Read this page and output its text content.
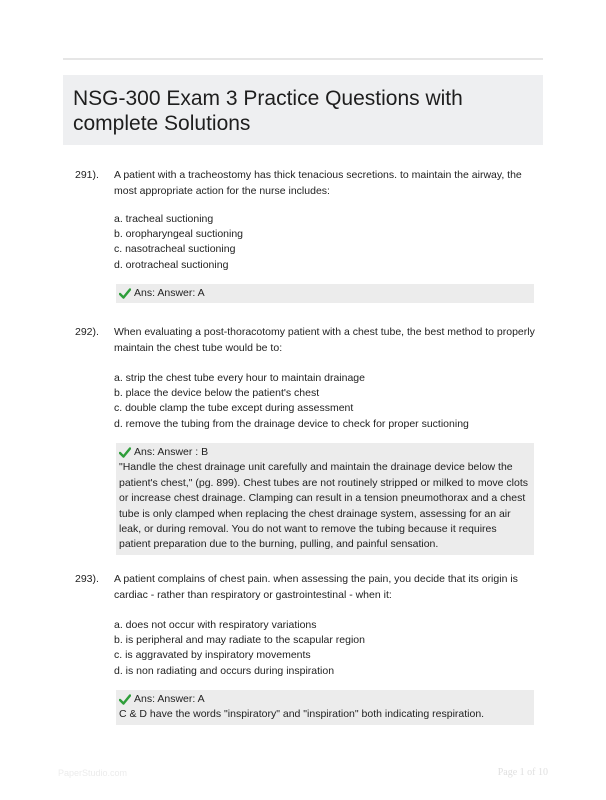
NSG-300 Exam 3 Practice Questions with complete Solutions
291). A patient with a tracheostomy has thick tenacious secretions. to maintain the airway, the most appropriate action for the nurse includes:
a. tracheal suctioning
b. oropharyngeal suctioning
c. nasotracheal suctioning
d. orotracheal suctioning
Ans: Answer: A
292). When evaluating a post-thoracotomy patient with a chest tube, the best method to properly maintain the chest tube would be to:
a. strip the chest tube every hour to maintain drainage
b. place the device below the patient's chest
c. double clamp the tube except during assessment
d. remove the tubing from the drainage device to check for proper suctioning
Ans: Answer : B
"Handle the chest drainage unit carefully and maintain the drainage device below the patient's chest," (pg. 899). Chest tubes are not routinely stripped or milked to move clots or increase chest drainage. Clamping can result in a tension pneumothorax and a chest tube is only clamped when replacing the chest drainage system, assessing for an air leak, or during removal. You do not want to remove the tubing because it requires patient preparation due to the burning, pulling, and painful sensation.
293). A patient complains of chest pain. when assessing the pain, you decide that its origin is cardiac - rather than respiratory or gastrointestinal - when it:
a. does not occur with respiratory variations
b. is peripheral and may radiate to the scapular region
c. is aggravated by inspiratory movements
d. is non radiating and occurs during inspiration
Ans: Answer: A
C & D have the words "inspiratory" and "inspiration" both indicating respiration.
PaperStudio.com	Page 1 of 10
